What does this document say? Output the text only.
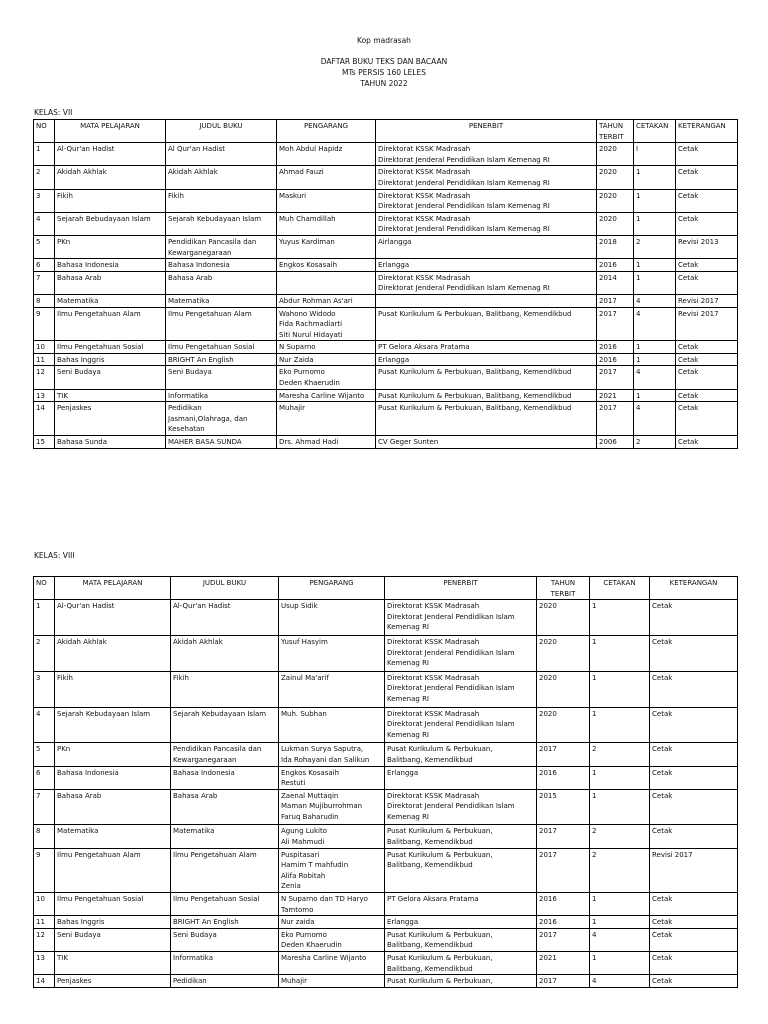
Kop madrasah
DAFTAR BUKU TEKS DAN BACAAN
MTs PERSIS 160 LELES
TAHUN 2022
KELAS: VII
NO	MATA PELAJARAN	JUDUL BUKU	PENGARANG	PENERBIT	TAHUN
TERBIT	CETAKAN	KETERANGAN
1	Al-Qur'an Hadist	Al Qur'an Hadist	Moh Abdul Hapidz	Direktorat KSSK Madrasah
Direktorat Jenderal Pendidikan Islam Kemenag RI	2020	I	Cetak
2	Akidah Akhlak	Akidah Akhlak	Ahmad Fauzi	Direktorat KSSK Madrasah
Direktorat Jenderal Pendidikan Islam Kemenag RI	2020	1	Cetak
3	Fikih	Fikih	Maskuri	Direktorat KSSK Madrasah
Direktorat Jenderal Pendidikan Islam Kemenag RI	2020	1	Cetak
4	Sejarah Bebudayaan Islam	Sejarah Kebudayaan Islam	Muh Chamdillah	Direktorat KSSK Madrasah
Direktorat Jenderal Pendidikan Islam Kemenag RI	2020	1	Cetak
5	PKn	Pendidikan Pancasila dan
Kewarganegaraan	Yuyus Kardiman	Airlangga	2018	2	Revisi 2013
6	Bahasa Indonesia	Bahasa Indonesia	Engkos Kosasaih	Erlangga	2016	1	Cetak
7	Bahasa Arab	Bahasa Arab		Direktorat KSSK Madrasah
Direktorat Jenderal Pendidikan Islam Kemenag RI	2014	1	Cetak
8	Matematika	Matematika	Abdur Rohman As'ari		2017	4	Revisi 2017
9	Ilmu Pengetahuan Alam	Ilmu Pengetahuan Alam	Wahono Widodo
Fida Rachmadiarti
Siti Nurul Hidayati	Pusat Kurikulum & Perbukuan, Balitbang, Kemendikbud	2017	4	Revisi 2017
10	Ilmu Pengetahuan Sosial	Ilmu Pengetahuan Sosial	N Suparno	PT Gelora Aksara Pratama	2016	1	Cetak
11	Bahas Inggris	BRIGHT An English	Nur Zaida	Erlangga	2016	1	Cetak
12	Seni Budaya	Seni Budaya	Eko Purnomo
Deden Khaerudin	Pusat Kurikulum & Perbukuan, Balitbang, Kemendikbud	2017	4	Cetak
13	TIK	Informatika	Maresha Carline Wijanto	Pusat Kurikulum & Perbukuan, Balitbang, Kemendikbud	2021	1	Cetak
14	Penjaskes	Pedidikan
Jasmani,Olahraga, dan
Kesehatan	Muhajir	Pusat Kurikulum & Perbukuan, Balitbang, Kemendikbud	2017	4	Cetak
15	Bahasa Sunda	MAHER BASA SUNDA	Drs. Ahmad Hadi	CV Geger Sunten	2006	2	Cetak
KELAS: VIII
NO	MATA PELAJARAN	JUDUL BUKU	PENGARANG	PENERBIT	TAHUN
TERBIT	CETAKAN	KETERANGAN
1	Al-Qur'an Hadist	Al-Qur'an Hadist	Usup Sidik	Direktorat KSSK Madrasah
Direktorat Jenderal Pendidikan Islam
Kemenag RI	2020	1	Cetak
2	Akidah Akhlak	Akidah Akhlak	Yusuf Hasyim	Direktorat KSSK Madrasah
Direktorat Jenderal Pendidikan Islam
Kemenag RI	2020	1	Cetak
3	Fikih	Fikih	Zainul Ma'arif	Direktorat KSSK Madrasah
Direktorat Jenderal Pendidikan Islam
Kemenag RI	2020	1	Cetak
4	Sejarah Kebudayaan Islam	Sejarah Kebudayaan Islam	Muh. Subhan	Direktorat KSSK Madrasah
Direktorat Jenderal Pendidikan Islam
Kemenag RI	2020	1	Cetak
5	PKn	Pendidikan Pancasila dan
Kewarganegaraan	Lukman Surya Saputra,
Ida Rohayani dan Salikun	Pusat Kurikulum & Perbukuan,
Balitbang, Kemendikbud	2017	2	Cetak
6	Bahasa Indonesia	Bahasa Indonesia	Engkos Kosasaih
Restuti	Erlangga	2016	1	Cetak
7	Bahasa Arab	Bahasa Arab	Zaenal Muttaqin
Maman Mujiburrohman
Faruq Baharudin	Direktorat KSSK Madrasah
Direktorat Jenderal Pendidikan Islam
Kemenag RI	2015	1	Cetak
8	Matematika	Matematika	Agung Lukito
Ali Mahmudi	Pusat Kurikulum & Perbukuan,
Balitbang, Kemendikbud	2017	2	Cetak
9	Ilmu Pengetahuan Alam	Ilmu Pengetahuan Alam	Puspitasari
Hamim T mahfudin
Alifa Robitah
Zenia	Pusat Kurikulum & Perbukuan,
Balitbang, Kemendikbud	2017	2	Revisi 2017
10	Ilmu Pengetahuan Sosial	Ilmu Pengetahuan Sosial	N Suparno dan TD Haryo
Tamtomo	PT Gelora Aksara Pratama	2016	1	Cetak
11	Bahas Inggris	BRIGHT An English	Nur zaida	Erlangga	2016	1	Cetak
12	Seni Budaya	Seni Budaya	Eko Purnomo
Deden Khaerudin	Pusat Kurikulum & Perbukuan,
Balitbang, Kemendikbud	2017	4	Cetak
13	TIK	Informatika	Maresha Carline Wijanto	Pusat Kurikulum & Perbukuan,
Balitbang, Kemendikbud	2021	1	Cetak
14	Penjaskes	Pedidikan	Muhajir	Pusat Kurikulum & Perbukuan,	2017	4	Cetak
